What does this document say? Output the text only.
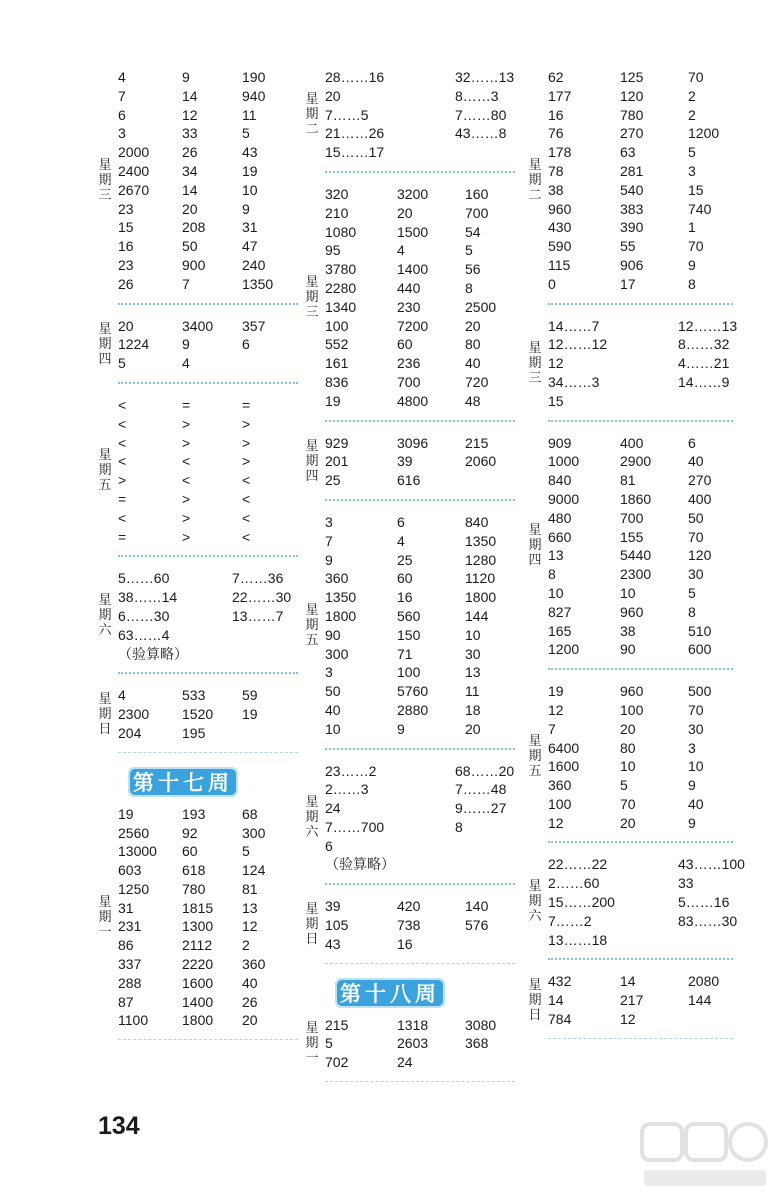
4	9	190
7	14	940
6	12	11
3	33	5
2000 26	43
2400 34	19
2670 14	10
23	20	9
15	208	31
16	50	47
23	900	240
26	7	1350
星
期
三
20	3400 357
1224 9	6
5	4
星
期
四
<	=	=
<	>	>
<	>	>
<	<	>
>	<	<
=	>	<
<	>	<
=	>	<
星
期
五
5……60	7……36
38……14	22……30
6……30	13……7
63……4
（验算略）
星
期
六
4	533	59
2300 1520 19
204	195
星
期
日
第十七周
19	193	68
2560 92	300
13000 60	5
603	618	124
1250 780	81
31	1815 13
231	1300 12
86	2112 2
337	2220 360
288	1600 40
87	1400 26
1100 1800 20
星
期
一
28……16	32……13
20	8……3
7……5	7……80
21……26	43……8
15……17
星
期
二
320	3200	160
210	20	700
1080	1500	54
95	4	5
3780	1400	56
2280	440	8
1340	230	2500
100	7200	20
552	60	80
161	236	40
836	700	720
19	4800	48
星
期
三
929	3096	215
201	39	2060
25	616
星
期
四
3	6	840
7	4	1350
9	25	1280
360	60	1120
1350	16	1800
1800	560	144
90	150	10
300	71	30
3	100	13
50	5760	11
40	2880	18
10	9	20
星
期
五
23……2	68……20
2……3	7……48
24	9……27
7……700	8
6
（验算略）
星
期
六
39	420	140
105	738	576
43	16
星
期
日
第十八周
215	1318	3080
5	2603	368
702	24
星
期
一
62	125	70
177	120	2
16	780	2
76	270	1200
178	63	5
78	281	3
38	540	15
960	383	740
430	390	1
590	55	70
115	906	9
0	17	8
星
期
二
14……7	12……13
12……12	8……32
12	4……21
34……3	14……9
15
星
期
三
909	400	6
1000	2900	40
840	81	270
9000	1860	400
480	700	50
660	155	70
13	5440	120
8	2300	30
10	10	5
827	960	8
165	38	510
1200	90	600
星
期
四
19	960	500
12	100	70
7	20	30
6400	80	3
1600	10	10
360	5	9
100	70	40
12	20	9
星
期
五
22……22	43……100
2……60	33
15……200	5……16
7……2	83……30
13……18
星
期
六
432	14	2080
14	217	144
784	12
星
期
日
134
